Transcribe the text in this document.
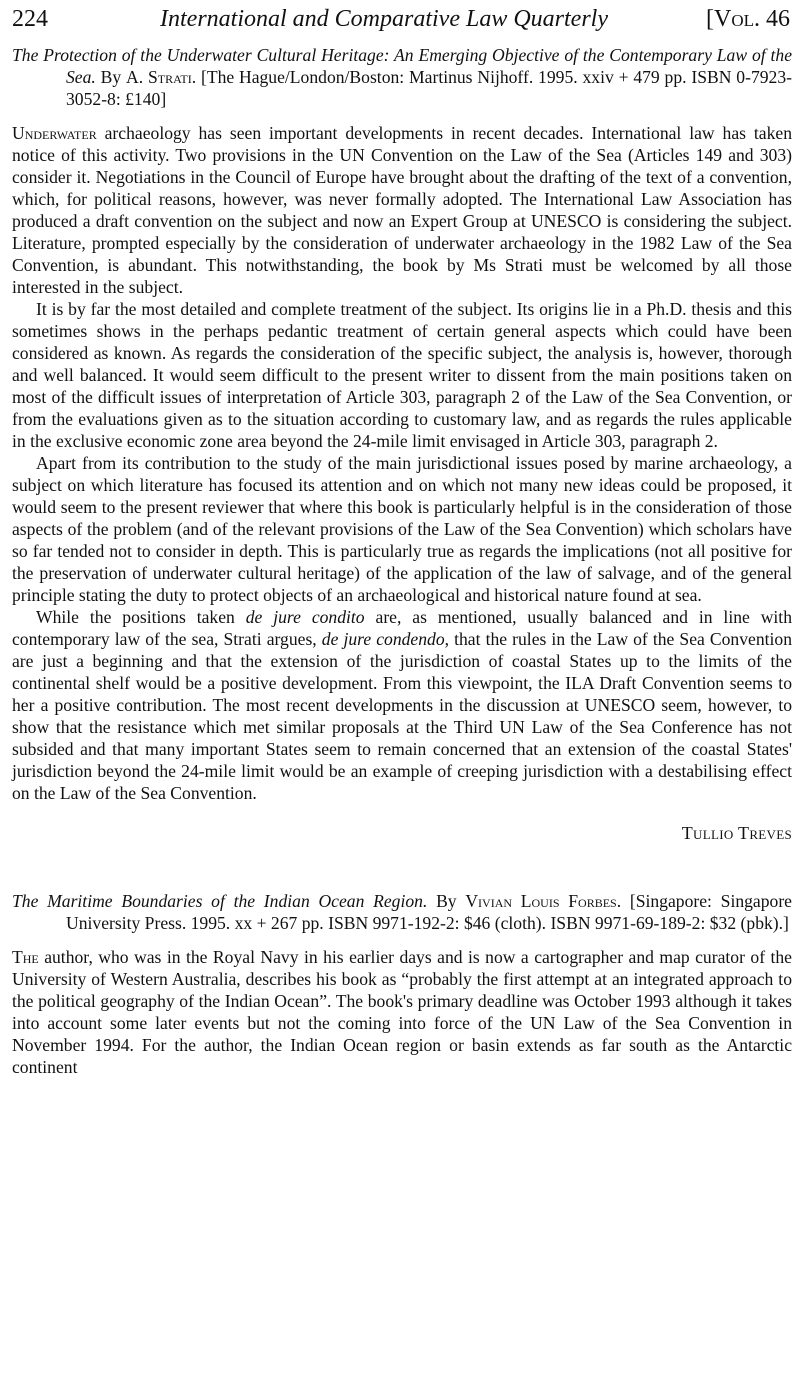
224	International and Comparative Law Quarterly	[Vol. 46

The Protection of the Underwater Cultural Heritage: An Emerging Objective of the Contemporary Law of the Sea. By A. Strati. [The Hague/London/Boston: Martinus Nijhoff. 1995. xxiv + 479 pp. ISBN 0-7923-3052-8: £140]

Underwater archaeology has seen important developments in recent decades. International law has taken notice of this activity. Two provisions in the UN Convention on the Law of the Sea (Articles 149 and 303) consider it. Negotiations in the Council of Europe have brought about the drafting of the text of a convention, which, for political reasons, however, was never formally adopted. The International Law Association has produced a draft convention on the subject and now an Expert Group at UNESCO is considering the subject. Literature, prompted especially by the consideration of underwater archaeology in the 1982 Law of the Sea Convention, is abundant. This notwithstanding, the book by Ms Strati must be welcomed by all those interested in the subject.

It is by far the most detailed and complete treatment of the subject. Its origins lie in a Ph.D. thesis and this sometimes shows in the perhaps pedantic treatment of certain general aspects which could have been considered as known. As regards the consideration of the specific subject, the analysis is, however, thorough and well balanced. It would seem difficult to the present writer to dissent from the main positions taken on most of the difficult issues of interpretation of Article 303, paragraph 2 of the Law of the Sea Convention, or from the evaluations given as to the situation according to customary law, and as regards the rules applicable in the exclusive economic zone area beyond the 24-mile limit envisaged in Article 303, paragraph 2.

Apart from its contribution to the study of the main jurisdictional issues posed by marine archaeology, a subject on which literature has focused its attention and on which not many new ideas could be proposed, it would seem to the present reviewer that where this book is particularly helpful is in the consideration of those aspects of the problem (and of the relevant provisions of the Law of the Sea Convention) which scholars have so far tended not to consider in depth. This is particularly true as regards the implications (not all positive for the preservation of underwater cultural heritage) of the application of the law of salvage, and of the general principle stating the duty to protect objects of an archaeological and historical nature found at sea.

While the positions taken de jure condito are, as mentioned, usually balanced and in line with contemporary law of the sea, Strati argues, de jure condendo, that the rules in the Law of the Sea Convention are just a beginning and that the extension of the jurisdiction of coastal States up to the limits of the continental shelf would be a positive development. From this viewpoint, the ILA Draft Convention seems to her a positive contribution. The most recent developments in the discussion at UNESCO seem, however, to show that the resistance which met similar proposals at the Third UN Law of the Sea Conference has not subsided and that many important States seem to remain concerned that an extension of the coastal States' jurisdiction beyond the 24-mile limit would be an example of creeping jurisdiction with a destabilising effect on the Law of the Sea Convention.

Tullio Treves

The Maritime Boundaries of the Indian Ocean Region. By Vivian Louis Forbes. [Singapore: Singapore University Press. 1995. xx + 267 pp. ISBN 9971-192-2: $46 (cloth). ISBN 9971-69-189-2: $32 (pbk).]

The author, who was in the Royal Navy in his earlier days and is now a cartographer and map curator of the University of Western Australia, describes his book as “probably the first attempt at an integrated approach to the political geography of the Indian Ocean”. The book's primary deadline was October 1993 although it takes into account some later events but not the coming into force of the UN Law of the Sea Convention in November 1994. For the author, the Indian Ocean region or basin extends as far south as the Antarctic continent
